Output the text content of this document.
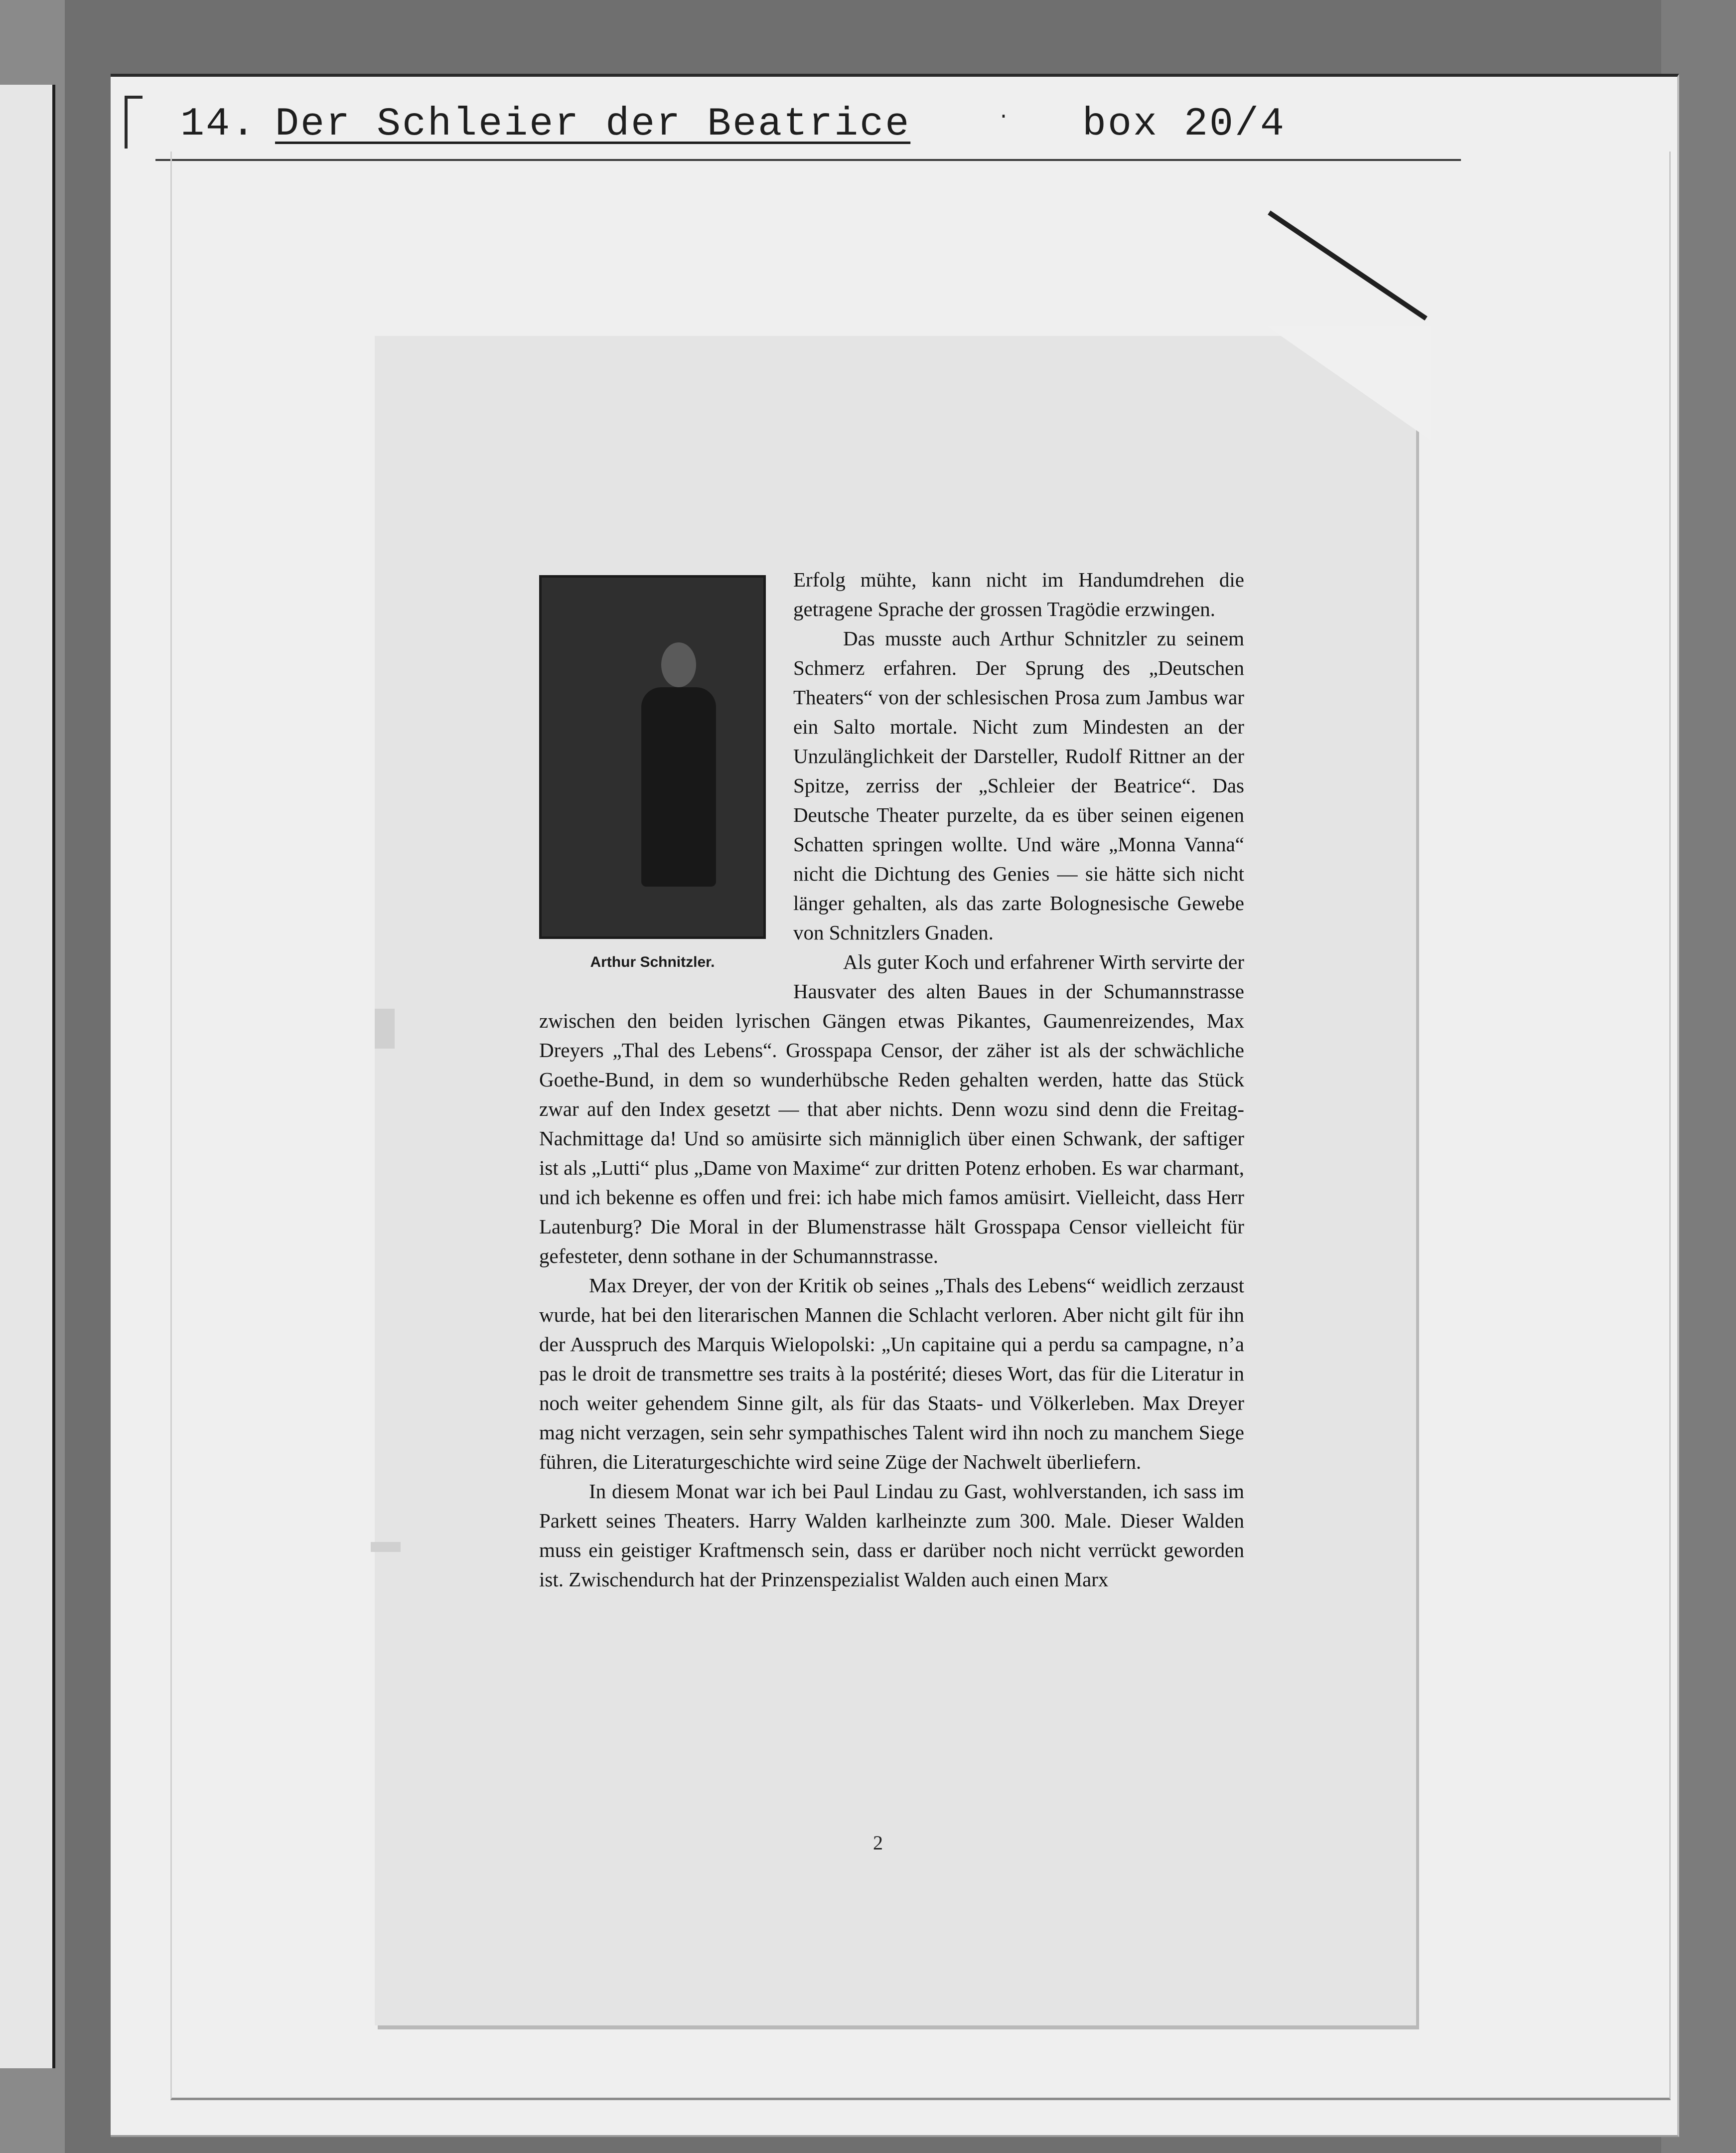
14. Der Schleier der Beatrice	. box 20/4
Arthur Schnitzler.

Erfolg mühte, kann nicht im Handumdrehen die getragene Sprache der grossen Tragödie erzwingen.

Das musste auch Arthur Schnitzler zu seinem Schmerz erfahren. Der Sprung des „Deutschen Theaters“ von der schlesischen Prosa zum Jambus war ein Salto mortale. Nicht zum Mindesten an der Unzulänglichkeit der Darsteller, Rudolf Rittner an der Spitze, zerriss der „Schleier der Beatrice“. Das Deutsche Theater purzelte, da es über seinen eigenen Schatten springen wollte. Und wäre „Monna Vanna“ nicht die Dichtung des Genies — sie hätte sich nicht länger gehalten, als das zarte Bolognesische Gewebe von Schnitzlers Gnaden.

Als guter Koch und erfahrener Wirth servirte der Hausvater des alten Baues in der Schumannstrasse zwischen den beiden lyrischen Gängen etwas Pikantes, Gaumenreizendes, Max Dreyers „Thal des Lebens“. Grosspapa Censor, der zäher ist als der schwächliche Goethe-Bund, in dem so wunderhübsche Reden gehalten werden, hatte das Stück zwar auf den Index gesetzt — that aber nichts. Denn wozu sind denn die Freitag-Nachmittage da! Und so amüsirte sich männiglich über einen Schwank, der saftiger ist als „Lutti“ plus „Dame von Maxime“ zur dritten Potenz erhoben. Es war charmant, und ich bekenne es offen und frei: ich habe mich famos amüsirt. Vielleicht, dass Herr Lautenburg? Die Moral in der Blumenstrasse hält Grosspapa Censor vielleicht für gefesteter, denn sothane in der Schumannstrasse.

Max Dreyer, der von der Kritik ob seines „Thals des Lebens“ weidlich zerzaust wurde, hat bei den literarischen Mannen die Schlacht verloren. Aber nicht gilt für ihn der Ausspruch des Marquis Wielopolski: „Un capitaine qui a perdu sa campagne, n’a pas le droit de transmettre ses traits à la postérité; dieses Wort, das für die Literatur in noch weiter gehendem Sinne gilt, als für das Staats- und Völkerleben. Max Dreyer mag nicht verzagen, sein sehr sympathisches Talent wird ihn noch zu manchem Siege führen, die Literaturgeschichte wird seine Züge der Nachwelt überliefern.

In diesem Monat war ich bei Paul Lindau zu Gast, wohlverstanden, ich sass im Parkett seines Theaters. Harry Walden karlheinzte zum 300. Male. Dieser Walden muss ein geistiger Kraftmensch sein, dass er darüber noch nicht verrückt geworden ist. Zwischendurch hat der Prinzenspezialist Walden auch einen Marx

2
